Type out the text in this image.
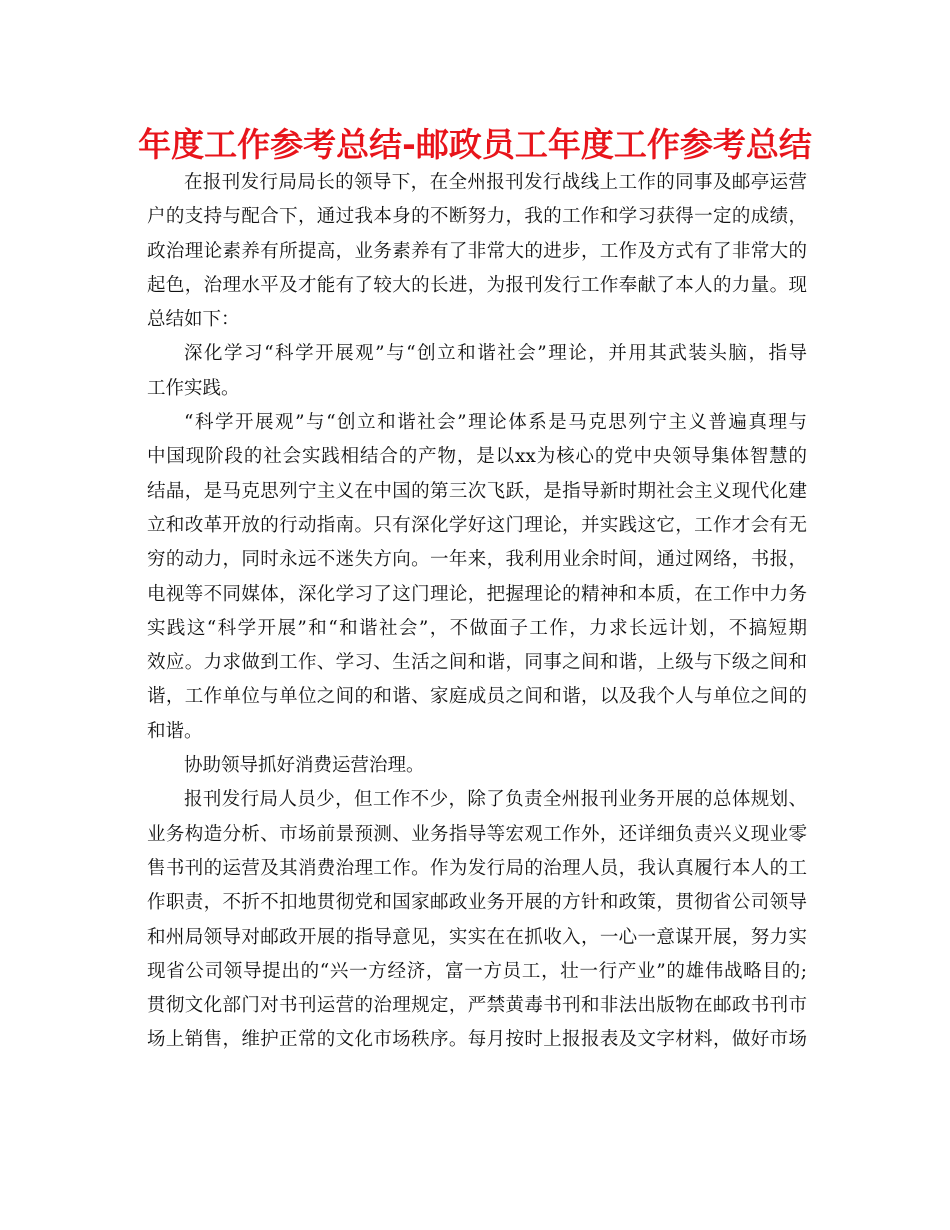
年度工作参考总结-邮政员工年度工作参考总结
在报刊发行局局长的领导下，在全州报刊发行战线上工作的同事及邮亭运营
户的支持与配合下，通过我本身的不断努力，我的工作和学习获得一定的成绩，
政治理论素养有所提高，业务素养有了非常大的进步，工作及方式有了非常大的
起色，治理水平及才能有了较大的长进，为报刊发行工作奉献了本人的力量。现
总结如下：
深化学习“科学开展观”与“创立和谐社会”理论，并用其武装头脑，指导
工作实践。
“科学开展观”与“创立和谐社会”理论体系是马克思列宁主义普遍真理与
中国现阶段的社会实践相结合的产物，是以xx为核心的党中央领导集体智慧的
结晶，是马克思列宁主义在中国的第三次飞跃，是指导新时期社会主义现代化建
立和改革开放的行动指南。只有深化学好这门理论，并实践这它，工作才会有无
穷的动力，同时永远不迷失方向。一年来，我利用业余时间，通过网络，书报，
电视等不同媒体，深化学习了这门理论，把握理论的精神和本质，在工作中力务
实践这“科学开展”和“和谐社会”，不做面子工作，力求长远计划，不搞短期
效应。力求做到工作、学习、生活之间和谐，同事之间和谐，上级与下级之间和
谐，工作单位与单位之间的和谐、家庭成员之间和谐，以及我个人与单位之间的
和谐。
协助领导抓好消费运营治理。
报刊发行局人员少，但工作不少，除了负责全州报刊业务开展的总体规划、
业务构造分析、市场前景预测、业务指导等宏观工作外，还详细负责兴义现业零
售书刊的运营及其消费治理工作。作为发行局的治理人员，我认真履行本人的工
作职责，不折不扣地贯彻党和国家邮政业务开展的方针和政策，贯彻省公司领导
和州局领导对邮政开展的指导意见，实实在在抓收入，一心一意谋开展，努力实
现省公司领导提出的“兴一方经济，富一方员工，壮一行产业”的雄伟战略目的;
贯彻文化部门对书刊运营的治理规定，严禁黄毒书刊和非法出版物在邮政书刊市
场上销售，维护正常的文化市场秩序。每月按时上报报表及文字材料，做好市场
